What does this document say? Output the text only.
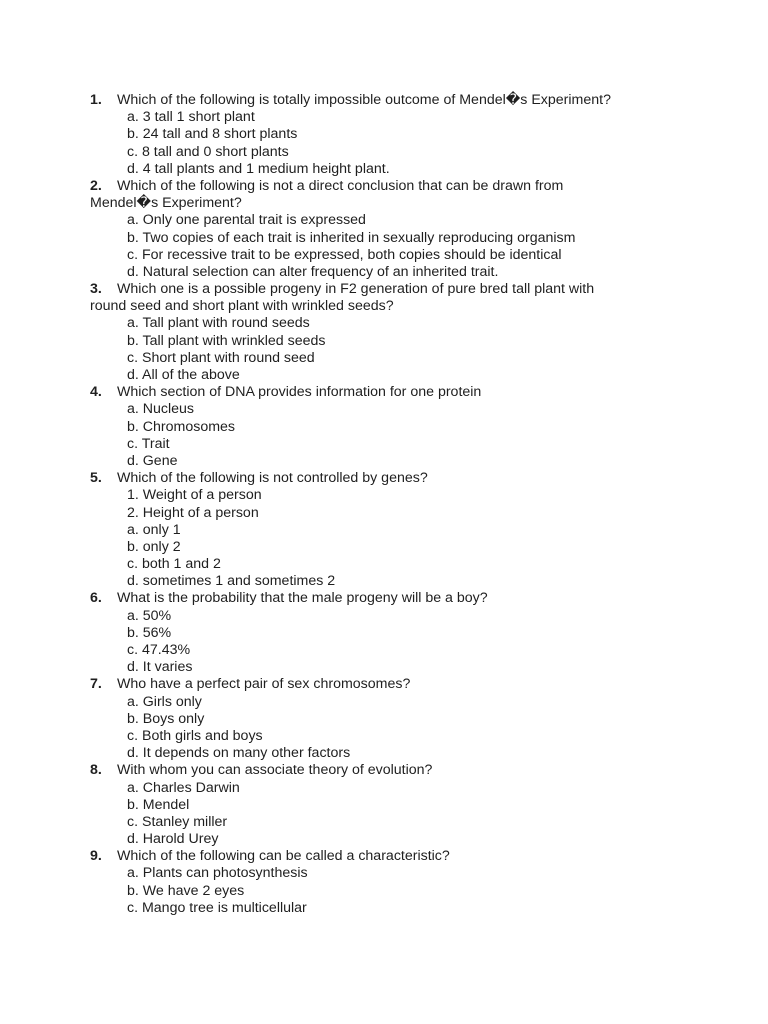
1. Which of the following is totally impossible outcome of Mendel�s Experiment?
a. 3 tall 1 short plant
b. 24 tall and 8 short plants
c. 8 tall and 0 short plants
d. 4 tall plants and 1 medium height plant.
2. Which of the following is not a direct conclusion that can be drawn from
Mendel�s Experiment?
a. Only one parental trait is expressed
b. Two copies of each trait is inherited in sexually reproducing organism
c. For recessive trait to be expressed, both copies should be identical
d. Natural selection can alter frequency of an inherited trait.
3. Which one is a possible progeny in F2 generation of pure bred tall plant with
round seed and short plant with wrinkled seeds?
a. Tall plant with round seeds
b. Tall plant with wrinkled seeds
c. Short plant with round seed
d. All of the above
4. Which section of DNA provides information for one protein
a. Nucleus
b. Chromosomes
c. Trait
d. Gene
5. Which of the following is not controlled by genes?
1. Weight of a person
2. Height of a person
a. only 1
b. only 2
c. both 1 and 2
d. sometimes 1 and sometimes 2
6. What is the probability that the male progeny will be a boy?
a. 50%
b. 56%
c. 47.43%
d. It varies
7. Who have a perfect pair of sex chromosomes?
a. Girls only
b. Boys only
c. Both girls and boys
d. It depends on many other factors
8. With whom you can associate theory of evolution?
a. Charles Darwin
b. Mendel
c. Stanley miller
d. Harold Urey
9. Which of the following can be called a characteristic?
a. Plants can photosynthesis
b. We have 2 eyes
c. Mango tree is multicellular
